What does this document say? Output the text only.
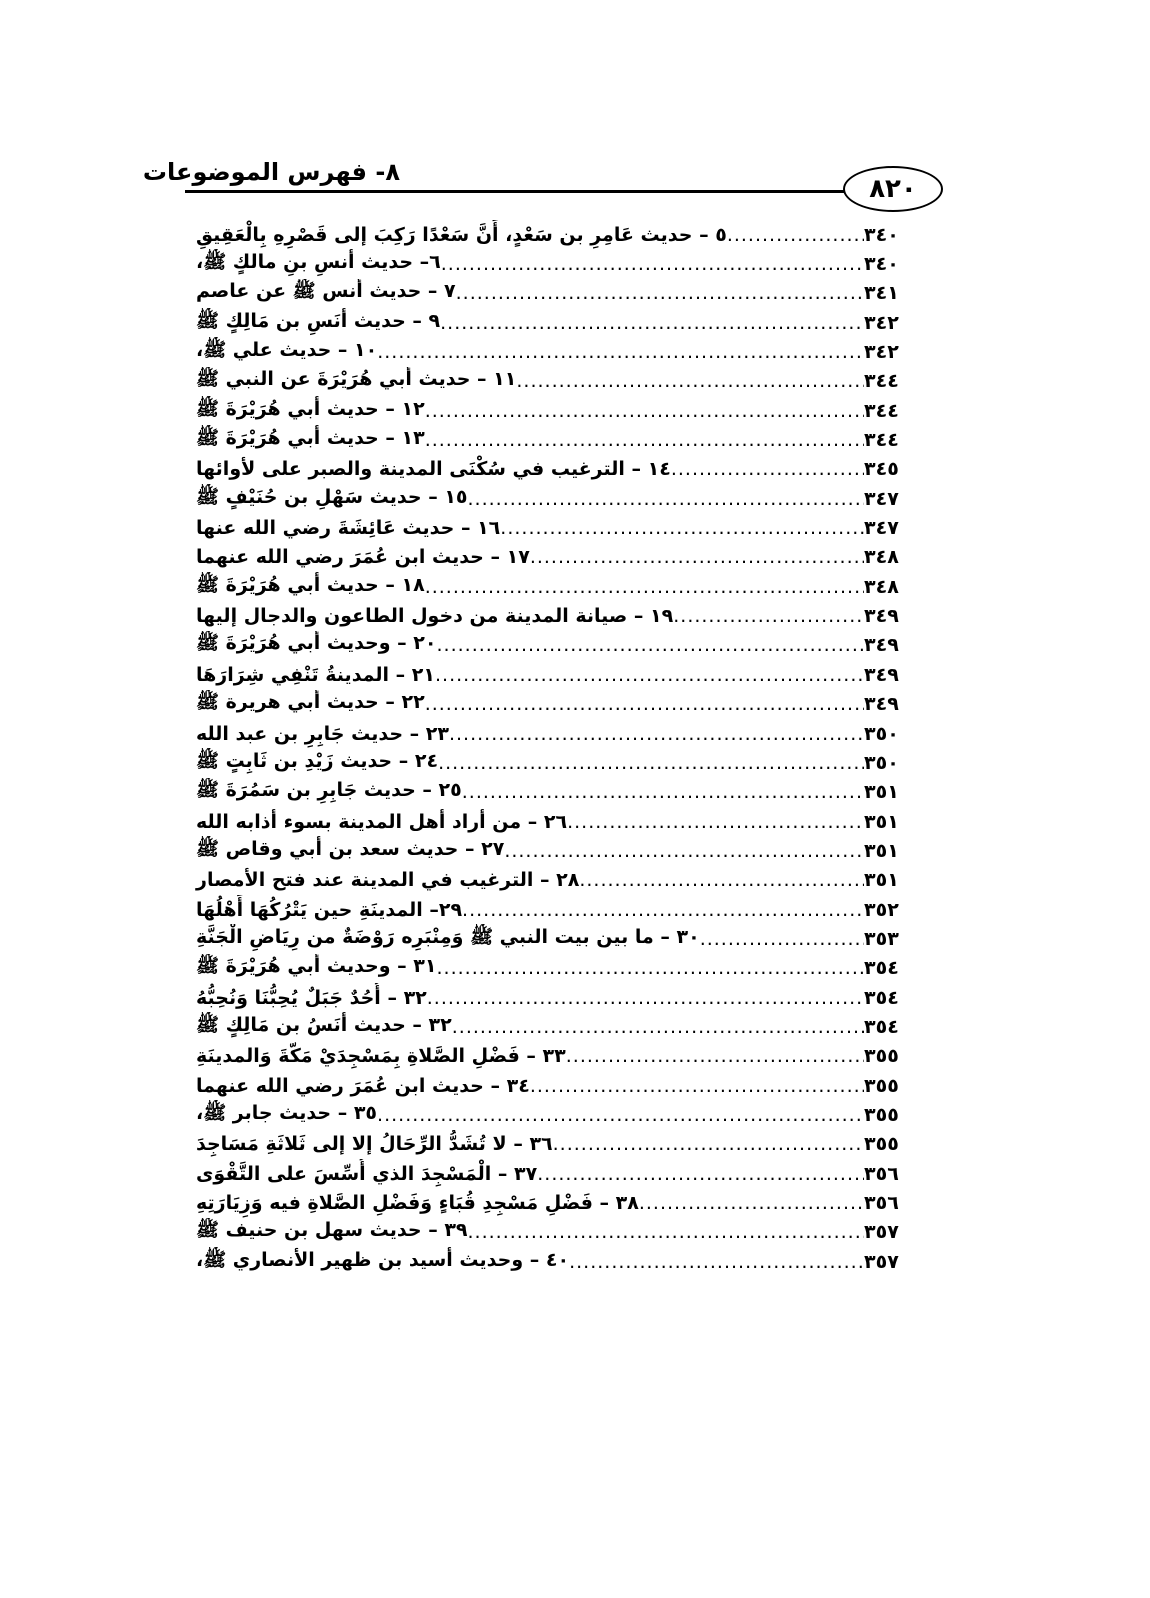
٨- فهرس الموضوعات
٨٢٠
٥ – حديث عَامِرِ بن سَعْدٍ، أَنَّ سَعْدًا رَكِبَ إلى قَصْرِهِ بِالْعَقِيقِ .....	٣٤٠
٦– حديث أنسِ بنِ مالكٍ ﷺ، .....	٣٤٠
٧ – حديث أنس ﷺ عن عاصم .....	٣٤١
٩ – حديث أَنَسِ بن مَالِكٍ ﷺ .....	٣٤٢
١٠ – حديث علي ﷺ، .....	٣٤٢
١١ – حديث أبي هُرَيْرَةَ عن النبي ﷺ .....	٣٤٤
١٢ – حديث أبي هُرَيْرَةَ ﷺ .....	٣٤٤
١٣ – حديث أبي هُرَيْرَةَ ﷺ .....	٣٤٤
١٤ – الترغيب في سُكْنَى المدينة والصبر على لأوائها .....	٣٤٥
١٥ – حديث سَهْلِ بن حُنَيْفٍ ﷺ .....	٣٤٧
١٦ – حديث عَائِشَةَ رضي الله عنها .....	٣٤٧
١٧ – حديث ابن عُمَرَ رضي الله عنهما .....	٣٤٨
١٨ – حديث أبي هُرَيْرَةَ ﷺ .....	٣٤٨
١٩ – صيانة المدينة من دخول الطاعون والدجال إليها .....	٣٤٩
٢٠ – وحديث أبي هُرَيْرَةَ ﷺ .....	٣٤٩
٢١ – المدينةُ تَنْفِي شِرَارَهَا .....	٣٤٩
٢٢ – حديث أبي هريرة ﷺ .....	٣٤٩
٢٣ – حديث جَابِرِ بن عبد الله .....	٣٥٠
٢٤ – حديث زَيْدِ بن ثَابِتٍ ﷺ .....	٣٥٠
٢٥ – حديث جَابِرِ بن سَمُرَةَ ﷺ .....	٣٥١
٢٦ – من أراد أهل المدينة بسوء أذابه الله .....	٣٥١
٢٧ – حديث سعد بن أبي وقاص ﷺ .....	٣٥١
٢٨ – الترغيب في المدينة عند فتح الأمصار .....	٣٥١
٢٩– المدينَةِ حين يَتْرُكُهَا أَهْلُهَا .....	٣٥٢
٣٠ – ما بين بيت النبي ﷺ وَمِنْبَرِه رَوْضَةٌ من رِيَاضِ الْجَنَّةِ .....	٣٥٣
٣١ – وحديث أبي هُرَيْرَةَ ﷺ .....	٣٥٤
٣٢ – أُحُدٌ جَبَلٌ يُحِبُّنَا وَنُحِبُّهُ .....	٣٥٤
٣٢ – حديث أَنَسُ بن مَالِكٍ ﷺ .....	٣٥٤
٣٣ – فَضْلِ الصَّلاةِ بِمَسْجِدَيْ مَكَّةَ وَالمدينَةِ .....	٣٥٥
٣٤ – حديث ابن عُمَرَ رضي الله عنهما .....	٣٥٥
٣٥ – حديث جابر ﷺ، .....	٣٥٥
٣٦ – لا تُشَدُّ الرِّحَالُ إلا إلى ثَلاثَةِ مَسَاجِدَ .....	٣٥٥
٣٧ – الْمَسْجِدَ الذي أُسِّسَ على التَّقْوَى .....	٣٥٦
٣٨ – فَضْلِ مَسْجِدِ قُبَاءٍ وَفَضْلِ الصَّلاةِ فيه وَزِيَارَتِهِ .....	٣٥٦
٣٩ – حديث سهل بن حنيف ﷺ .....	٣٥٧
٤٠ – وحديث أسيد بن ظهير الأنصاري ﷺ، .....	٣٥٧
